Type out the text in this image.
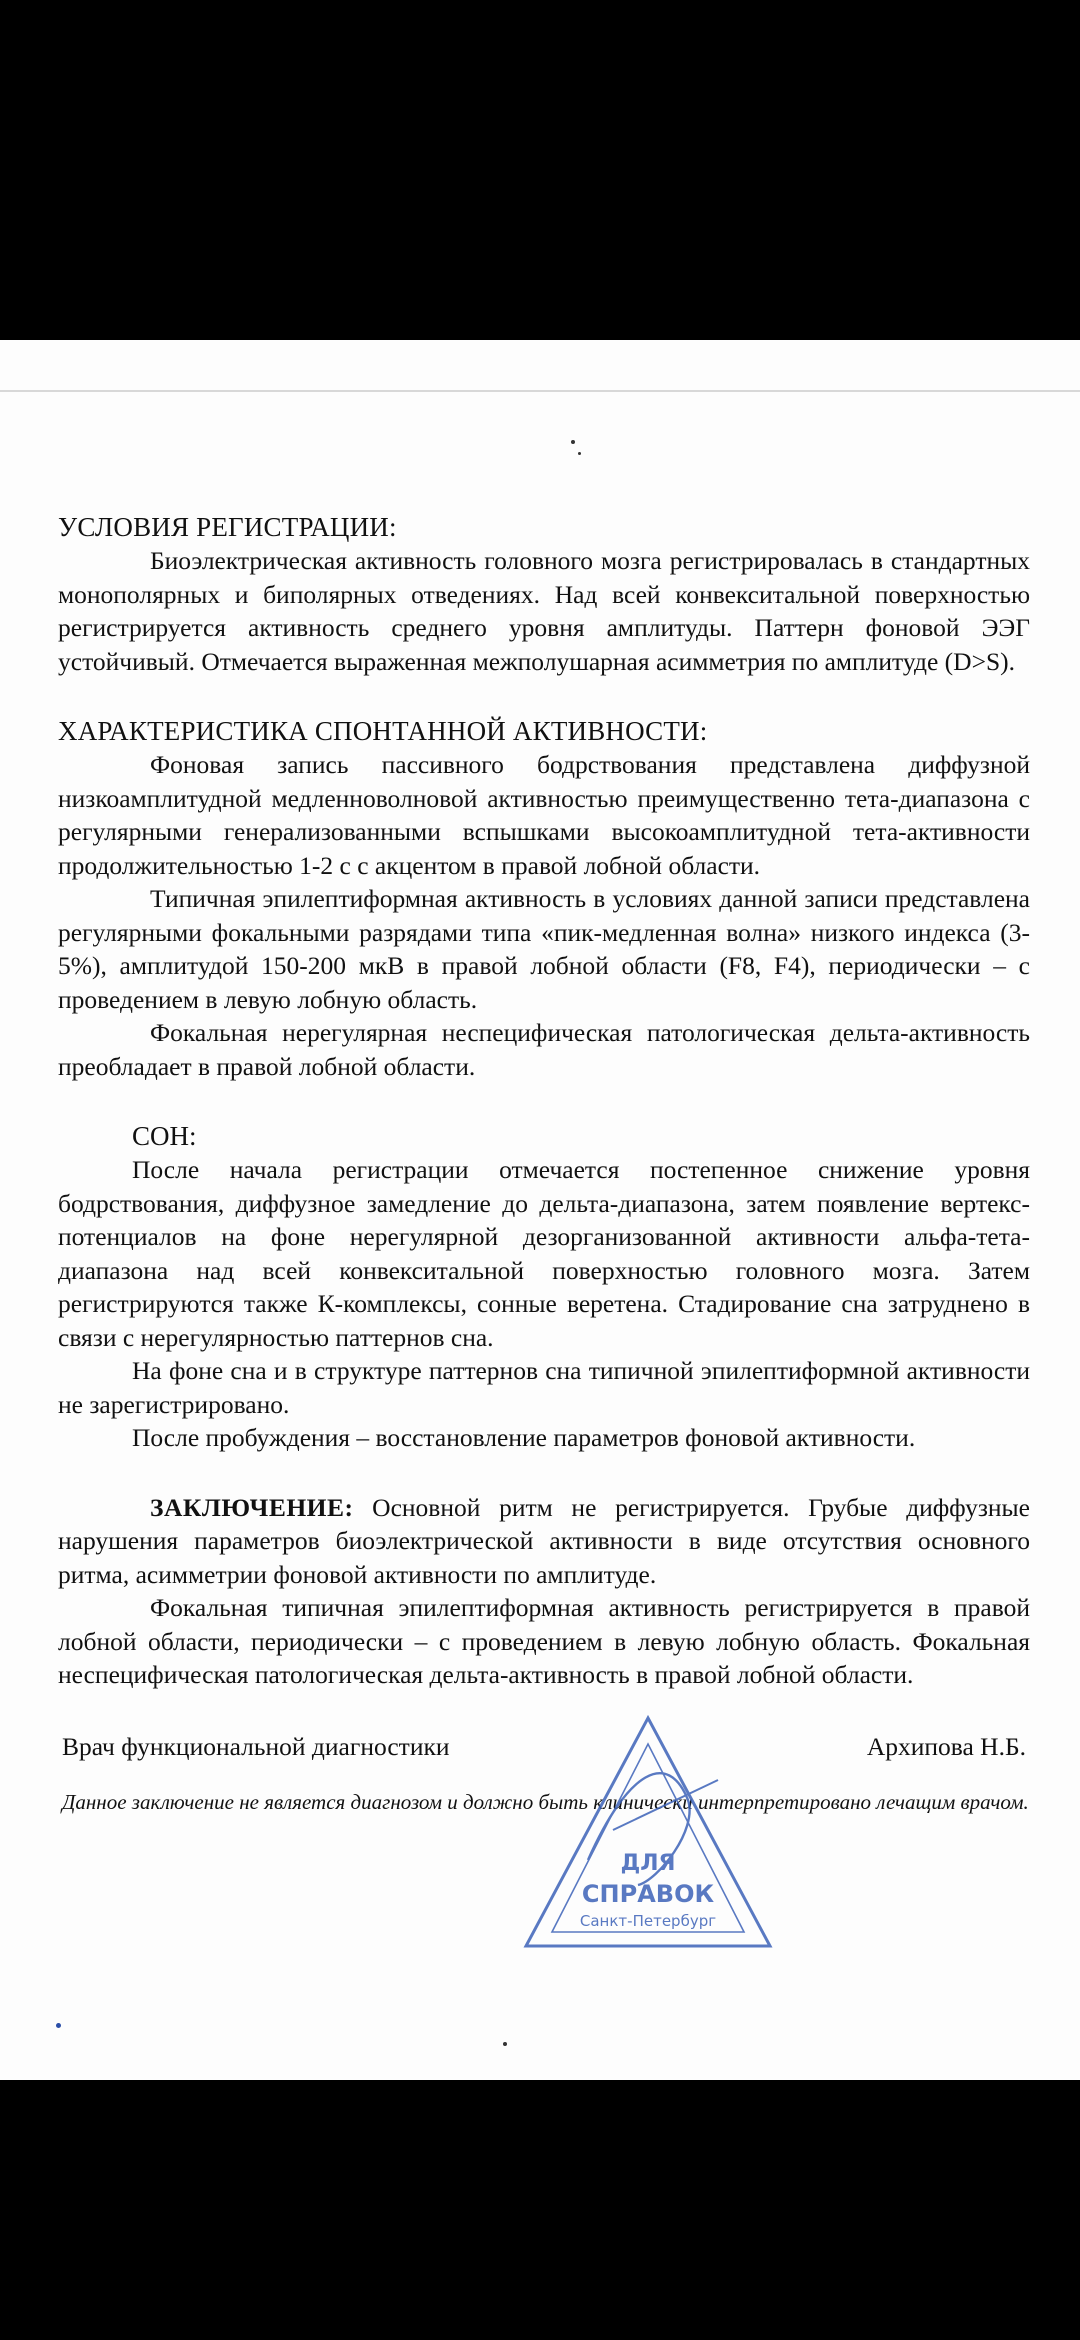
УСЛОВИЯ РЕГИСТРАЦИИ:

Биоэлектрическая активность головного мозга регистрировалась в стандартных монополярных и биполярных отведениях. Над всей конвекситальной поверхностью регистрируется активность среднего уровня амплитуды. Паттерн фоновой ЭЭГ устойчивый. Отмечается выраженная межполушарная асимметрия по амплитуде (D>S).

ХАРАКТЕРИСТИКА СПОНТАННОЙ АКТИВНОСТИ:

Фоновая запись пассивного бодрствования представлена диффузной низкоамплитудной медленноволновой активностью преимущественно тета-диапазона с регулярными генерализованными вспышками высокоамплитудной тета-активности продолжительностью 1-2 с с акцентом в правой лобной области.

Типичная эпилептиформная активность в условиях данной записи представлена регулярными фокальными разрядами типа «пик-медленная волна» низкого индекса (3-5%), амплитудой 150-200 мкВ в правой лобной области (F8, F4), периодически – с проведением в левую лобную область.

Фокальная нерегулярная неспецифическая патологическая дельта-активность преобладает в правой лобной области.

СОН:

После начала регистрации отмечается постепенное снижение уровня бодрствования, диффузное замедление до дельта-диапазона, затем появление вертекс-потенциалов на фоне нерегулярной дезорганизованной активности альфа-тета-диапазона над всей конвекситальной поверхностью головного мозга. Затем регистрируются также К-комплексы, сонные веретена. Стадирование сна затруднено в связи с нерегулярностью паттернов сна.

На фоне сна и в структуре паттернов сна типичной эпилептиформной активности не зарегистрировано.

После пробуждения – восстановление параметров фоновой активности.

ЗАКЛЮЧЕНИЕ: Основной ритм не регистрируется. Грубые диффузные нарушения параметров биоэлектрической активности в виде отсутствия основного ритма, асимметрии фоновой активности по амплитуде.

Фокальная типичная эпилептиформная активность регистрируется в правой лобной области, периодически – с проведением в левую лобную область. Фокальная неспецифическая патологическая дельта-активность в правой лобной области.

Врач функциональной диагностики	Архипова Н.Б.
Данное заключение не является диагнозом и должно быть клинически интерпретировано лечащим врачом.
ДЛЯ
СПРАВОК
Санкт-Петербург
